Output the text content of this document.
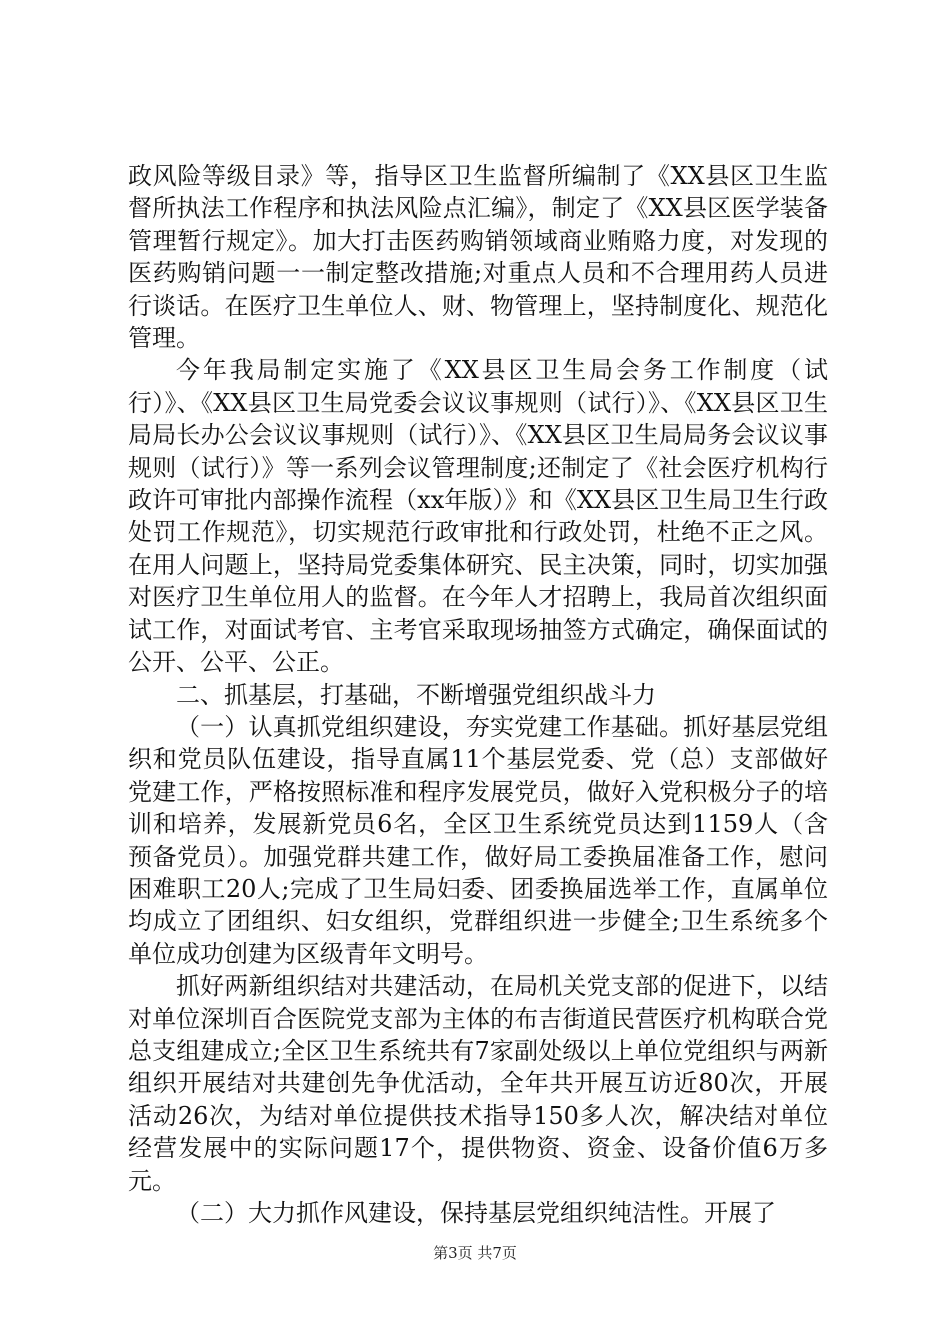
政风险等级目录》等，指导区卫生监督所编制了《XX县区卫生监督所执法工作程序和执法风险点汇编》，制定了《XX县区医学装备管理暂行规定》。加大打击医药购销领域商业贿赂力度，对发现的医药购销问题一一制定整改措施;对重点人员和不合理用药人员进行谈话。在医疗卫生单位人、财、物管理上，坚持制度化、规范化管理。

今年我局制定实施了《XX县区卫生局会务工作制度（试行）》、《XX县区卫生局党委会议议事规则（试行）》、《XX县区卫生局局长办公会议议事规则（试行）》、《XX县区卫生局局务会议议事规则（试行）》等一系列会议管理制度;还制定了《社会医疗机构行政许可审批内部操作流程（xx年版）》和《XX县区卫生局卫生行政处罚工作规范》，切实规范行政审批和行政处罚，杜绝不正之风。在用人问题上，坚持局党委集体研究、民主决策，同时，切实加强对医疗卫生单位用人的监督。在今年人才招聘上，我局首次组织面试工作，对面试考官、主考官采取现场抽签方式确定，确保面试的公开、公平、公正。

二、抓基层，打基础，不断增强党组织战斗力

（一）认真抓党组织建设，夯实党建工作基础。抓好基层党组织和党员队伍建设，指导直属11个基层党委、党（总）支部做好党建工作，严格按照标准和程序发展党员，做好入党积极分子的培训和培养，发展新党员6名，全区卫生系统党员达到1159人（含预备党员）。加强党群共建工作，做好局工委换届准备工作，慰问困难职工20人;完成了卫生局妇委、团委换届选举工作，直属单位均成立了团组织、妇女组织，党群组织进一步健全;卫生系统多个单位成功创建为区级青年文明号。

抓好两新组织结对共建活动，在局机关党支部的促进下，以结对单位深圳百合医院党支部为主体的布吉街道民营医疗机构联合党总支组建成立;全区卫生系统共有7家副处级以上单位党组织与两新组织开展结对共建创先争优活动，全年共开展互访近80次，开展活动26次，为结对单位提供技术指导150多人次，解决结对单位经营发展中的实际问题17个，提供物资、资金、设备价值6万多元。

（二）大力抓作风建设，保持基层党组织纯洁性。开展了

第3页 共7页
